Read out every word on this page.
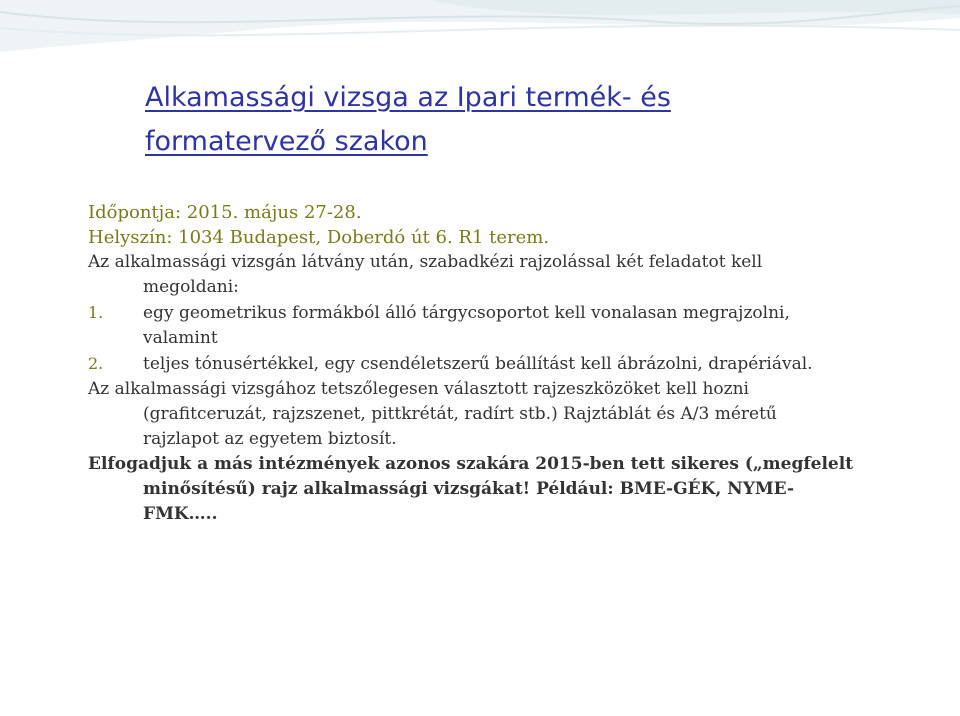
Alkamassági vizsga az Ipari termék- és
formatervező szakon
Időpontja: 2015. május 27-28.
Helyszín: 1034 Budapest, Doberdó út 6. R1 terem.
Az alkalmassági vizsgán látvány után, szabadkézi rajzolással két feladatot kell
megoldani:
1. egy geometrikus formákból álló tárgycsoportot kell vonalasan megrajzolni,
valamint
2. teljes tónusértékkel, egy csendéletszerű beállítást kell ábrázolni, drapériával.
Az alkalmassági vizsgához tetszőlegesen választott rajzeszközöket kell hozni
(grafitceruzát, rajzszenet, pittkrétát, radírt stb.) Rajztáblát és A/3 méretű
rajzlapot az egyetem biztosít.
Elfogadjuk a más intézmények azonos szakára 2015-ben tett sikeres („megfelelt
minősítésű) rajz alkalmassági vizsgákat! Például: BME-GÉK, NYME-
FMK…..
